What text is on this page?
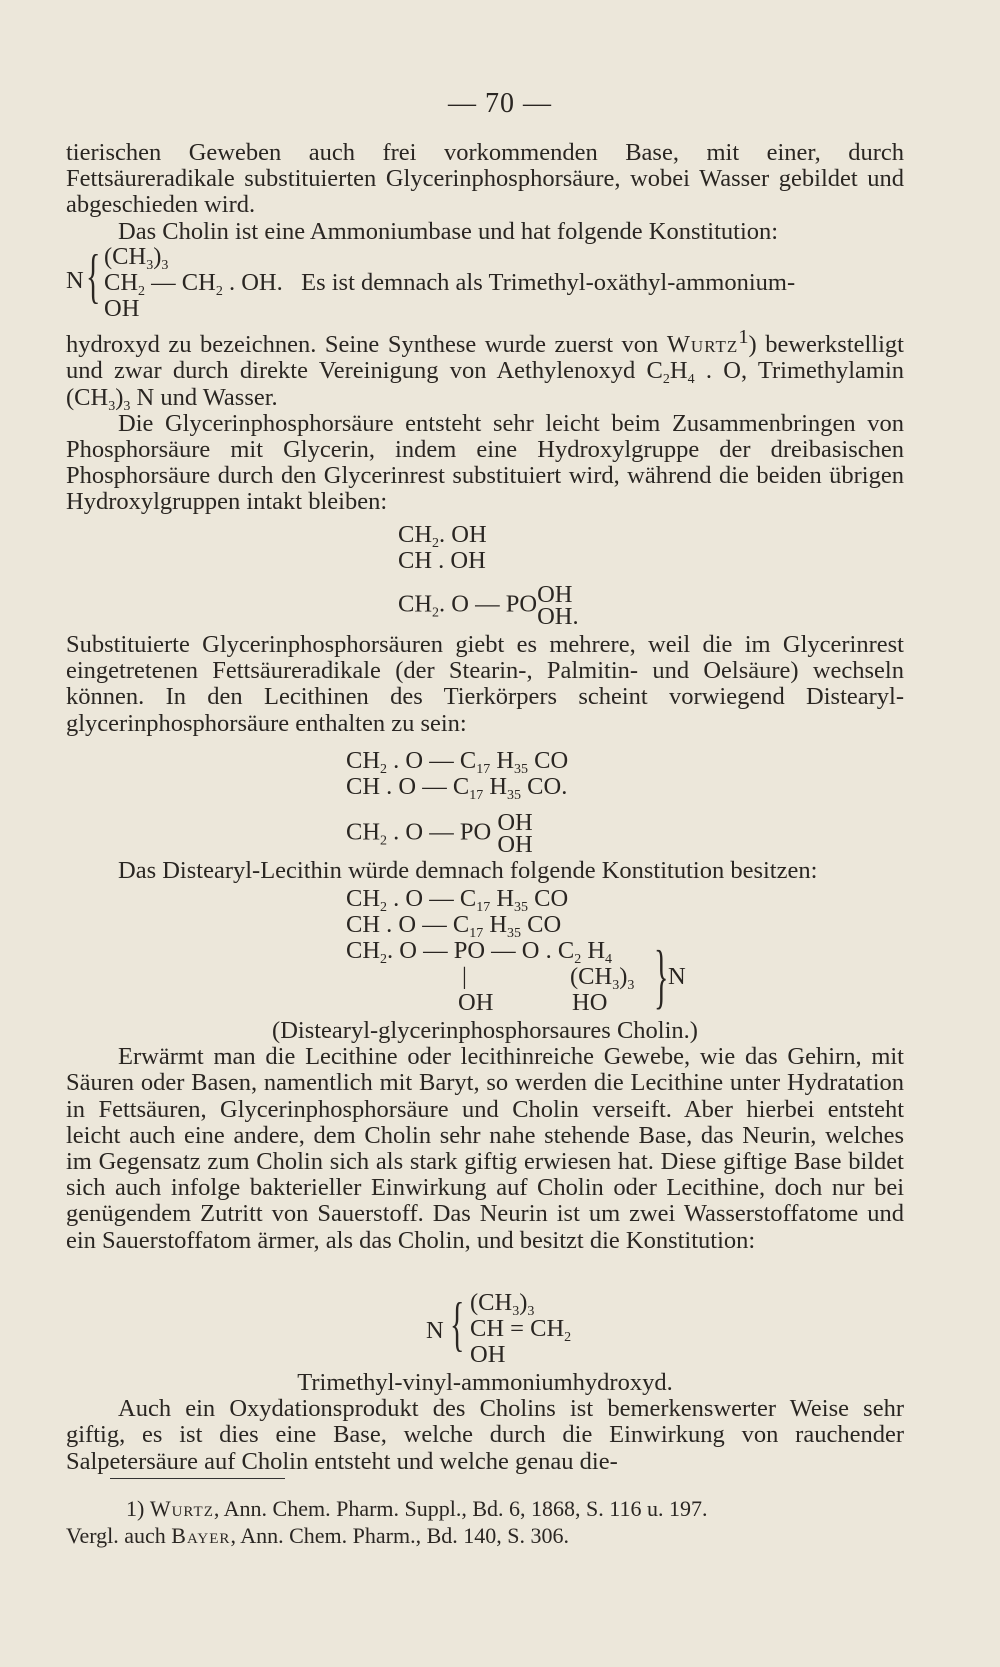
— 70 —

tierischen Geweben auch frei vorkommenden Base, mit einer, durch Fettsäureradikale substituierten Glycerinphosphorsäure, wobei Wasser gebildet und abgeschieden wird.

Das Cholin ist eine Ammoniumbase und hat folgende Konstitution:

N { $(CH_3)_3$
$CH_2$ — $CH_2$ . OH. Es ist demnach als Trimethyl-oxäthyl-ammonium-
OH

hydroxyd zu bezeichnen. Seine Synthese wurde zuerst von Wurtz$^1$) bewerkstelligt und zwar durch direkte Vereinigung von Aethylenoxyd $C_2H_4$ . O, Trimethylamin $(CH_3)_3$ N und Wasser.

Die Glycerinphosphorsäure entsteht sehr leicht beim Zusammenbringen von Phosphorsäure mit Glycerin, indem eine Hydroxylgruppe der dreibasischen Phosphorsäure durch den Glycerinrest substituiert wird, während die beiden übrigen Hydroxylgruppen intakt bleiben:

$CH_2$. OH
CH . OH
$CH_2$. O — POOH
OH.

Substituierte Glycerinphosphorsäuren giebt es mehrere, weil die im Glycerinrest eingetretenen Fettsäureradikale (der Stearin-, Palmitin- und Oelsäure) wechseln können. In den Lecithinen des Tierkörpers scheint vorwiegend Distearyl-glycerinphosphorsäure enthalten zu sein:

$CH_2$ . O — $C_{17}$ $H_{35}$ CO
CH . O — $C_{17}$ $H_{35}$ CO.
$CH_2$ . O — PO OH
OH

Das Distearyl-Lecithin würde demnach folgende Konstitution besitzen:

$CH_2$ . O — $C_{17}$ $H_{35}$ CO
CH . O — $C_{17}$ $H_{35}$ CO
$CH_2$. O — PO — O . $C_2$ $H_4$
|	$(CH_3)_3$
OH	HO } N

(Distearyl-glycerinphosphorsaures Cholin.)

Erwärmt man die Lecithine oder lecithinreiche Gewebe, wie das Gehirn, mit Säuren oder Basen, namentlich mit Baryt, so werden die Lecithine unter Hydratation in Fettsäuren, Glycerinphosphorsäure und Cholin verseift. Aber hierbei entsteht leicht auch eine andere, dem Cholin sehr nahe stehende Base, das Neurin, welches im Gegensatz zum Cholin sich als stark giftig erwiesen hat. Diese giftige Base bildet sich auch infolge bakterieller Einwirkung auf Cholin oder Lecithine, doch nur bei genügendem Zutritt von Sauerstoff. Das Neurin ist um zwei Wasserstoffatome und ein Sauerstoffatom ärmer, als das Cholin, und besitzt die Konstitution:

N { $(CH_3)_3$
CH = $CH_2$
OH

Trimethyl-vinyl-ammoniumhydroxyd.

Auch ein Oxydationsprodukt des Cholins ist bemerkenswerter Weise sehr giftig, es ist dies eine Base, welche durch die Einwirkung von rauchender Salpetersäure auf Cholin entsteht und welche genau die-

1) Wurtz, Ann. Chem. Pharm. Suppl., Bd. 6, 1868, S. 116 u. 197.
Vergl. auch Bayer, Ann. Chem. Pharm., Bd. 140, S. 306.
